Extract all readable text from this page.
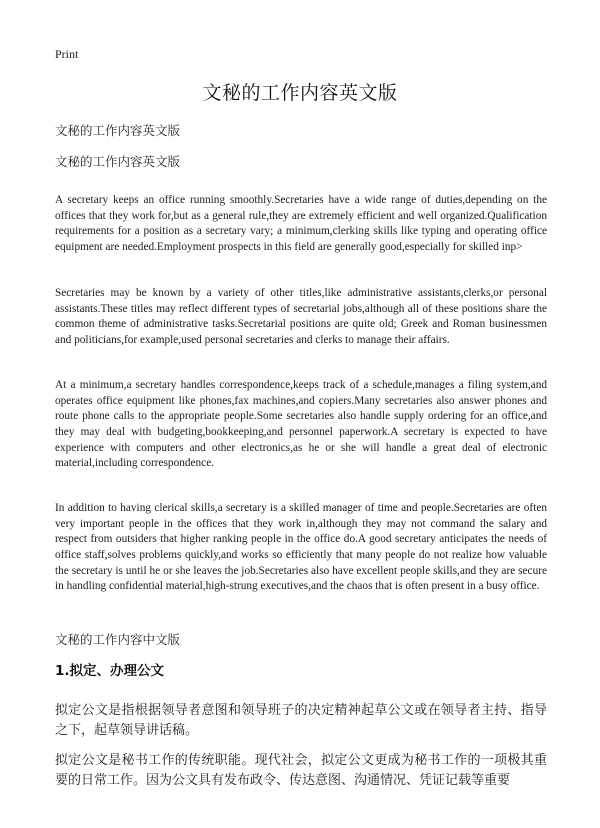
Print
文秘的工作内容英文版
文秘的工作内容英文版
文秘的工作内容英文版

A secretary keeps an office running smoothly.Secretaries have a wide range of duties,depending on the offices that they work for,but as a general rule,they are extremely efficient and well organized.Qualification requirements for a position as a secretary vary; a minimum,clerking skills like typing and operating office equipment are needed.Employment prospects in this field are generally good,especially for skilled inp>

Secretaries may be known by a variety of other titles,like administrative assistants,clerks,or personal assistants.These titles may reflect different types of secretarial jobs,although all of these positions share the common theme of administrative tasks.Secretarial positions are quite old; Greek and Roman businessmen and politicians,for example,used personal secretaries and clerks to manage their affairs.

At a minimum,a secretary handles correspondence,keeps track of a schedule,manages a filing system,and operates office equipment like phones,fax machines,and copiers.Many secretaries also answer phones and route phone calls to the appropriate people.Some secretaries also handle supply ordering for an office,and they may deal with budgeting,bookkeeping,and personnel paperwork.A secretary is expected to have experience with computers and other electronics,as he or she will handle a great deal of electronic material,including correspondence.

In addition to having clerical skills,a secretary is a skilled manager of time and people.Secretaries are often very important people in the offices that they work in,although they may not command the salary and respect from outsiders that higher ranking people in the office do.A good secretary anticipates the needs of office staff,solves problems quickly,and works so efficiently that many people do not realize how valuable the secretary is until he or she leaves the job.Secretaries also have excellent people skills,and they are secure in handling confidential material,high-strung executives,and the chaos that is often present in a busy office.

文秘的工作内容中文版
1.拟定、办理公文

拟定公文是指根据领导者意图和领导班子的决定精神起草公文或在领导者主持、指导之下，起草领导讲话稿。

拟定公文是秘书工作的传统职能。现代社会，拟定公文更成为秘书工作的一项极其重要的日常工作。因为公文具有发布政令、传达意图、沟通情况、凭证记载等重要
